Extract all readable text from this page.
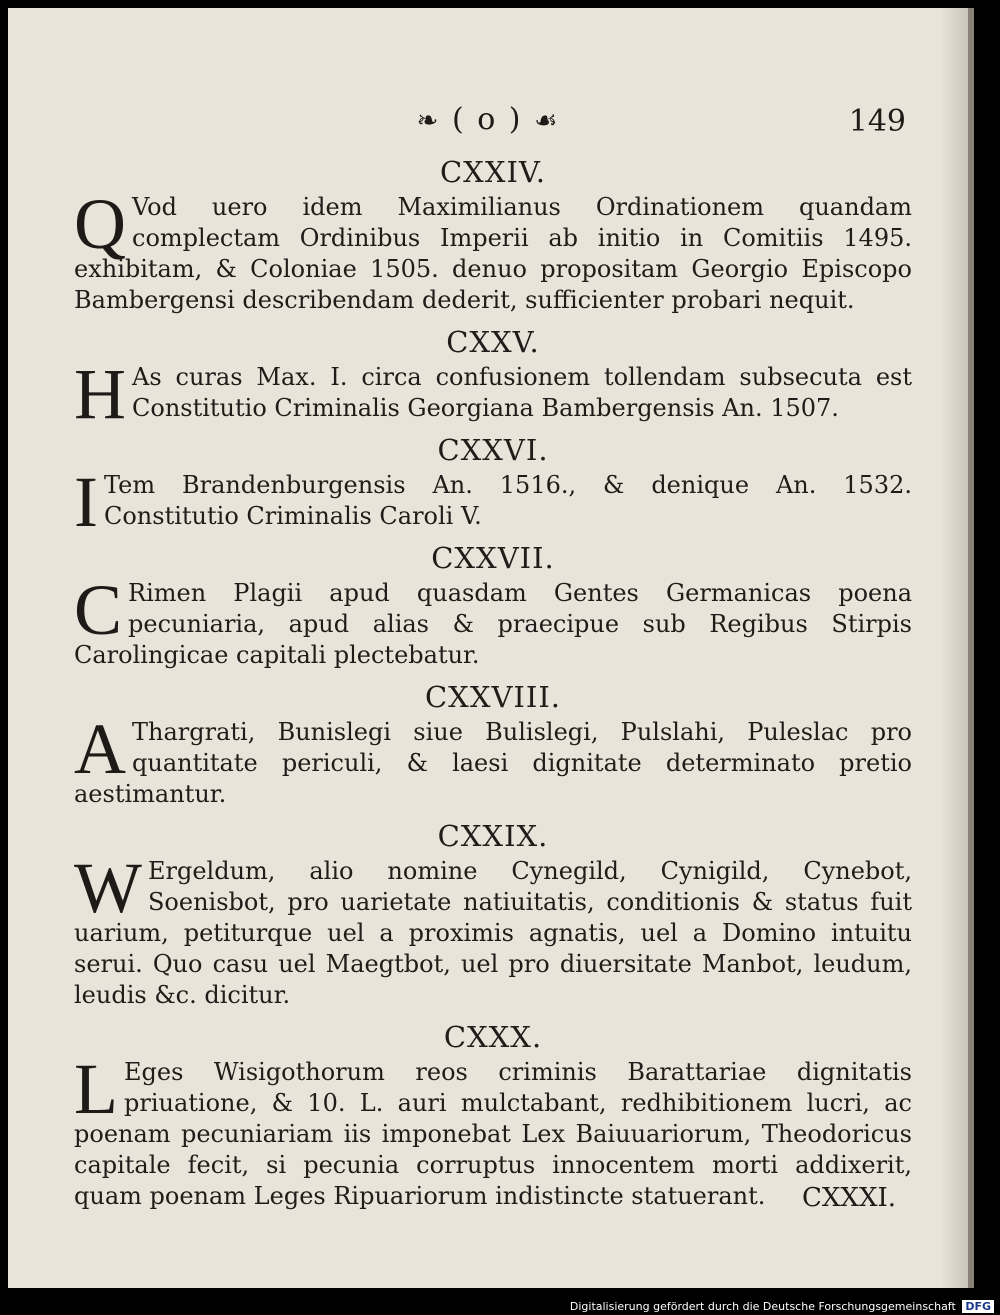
❧ ( o ) ☙	149
CXXIV.

Q Vod uero idem Maximilianus Ordinationem quandam complectam Ordinibus Imperii ab initio in Comitiis 1495. exhibitam, & Coloniae 1505. denuo propositam Georgio Episcopo Bambergensi describendam dederit, sufficienter probari nequit.

CXXV.

H As curas Max. I. circa confusionem tollendam subsecuta est Constitutio Criminalis Georgiana Bambergensis An. 1507.

CXXVI.

I Tem Brandenburgensis An. 1516., & denique An. 1532. Constitutio Criminalis Caroli V.

CXXVII.

C Rimen Plagii apud quasdam Gentes Germanicas poena pecuniaria, apud alias & praecipue sub Regibus Stirpis Carolingicae capitali plectebatur.

CXXVIII.

A Thargrati, Bunislegi siue Bulislegi, Pulslahi, Puleslac pro quantitate periculi, & laesi dignitate determinato pretio aestimantur.

CXXIX.

W Ergeldum, alio nomine Cynegild, Cynigild, Cynebot, Soenisbot, pro uarietate natiuitatis, conditionis & status fuit uarium, petiturque uel a proximis agnatis, uel a Domino intuitu serui. Quo casu uel Maegtbot, uel pro diuersitate Manbot, leudum, leudis &c. dicitur.

CXXX.

L Eges Wisigothorum reos criminis Barattariae dignitatis priuatione, & 10. L. auri mulctabant, redhibitionem lucri, ac poenam pecuniariam iis imponebat Lex Baiuuariorum, Theodoricus capitale fecit, si pecunia corruptus innocentem morti addixerit, quam poenam Leges Ripuariorum indistincte statuerant.	CXXXI.
Digitalisierung gefördert durch die Deutsche Forschungsgemeinschaft DFG
